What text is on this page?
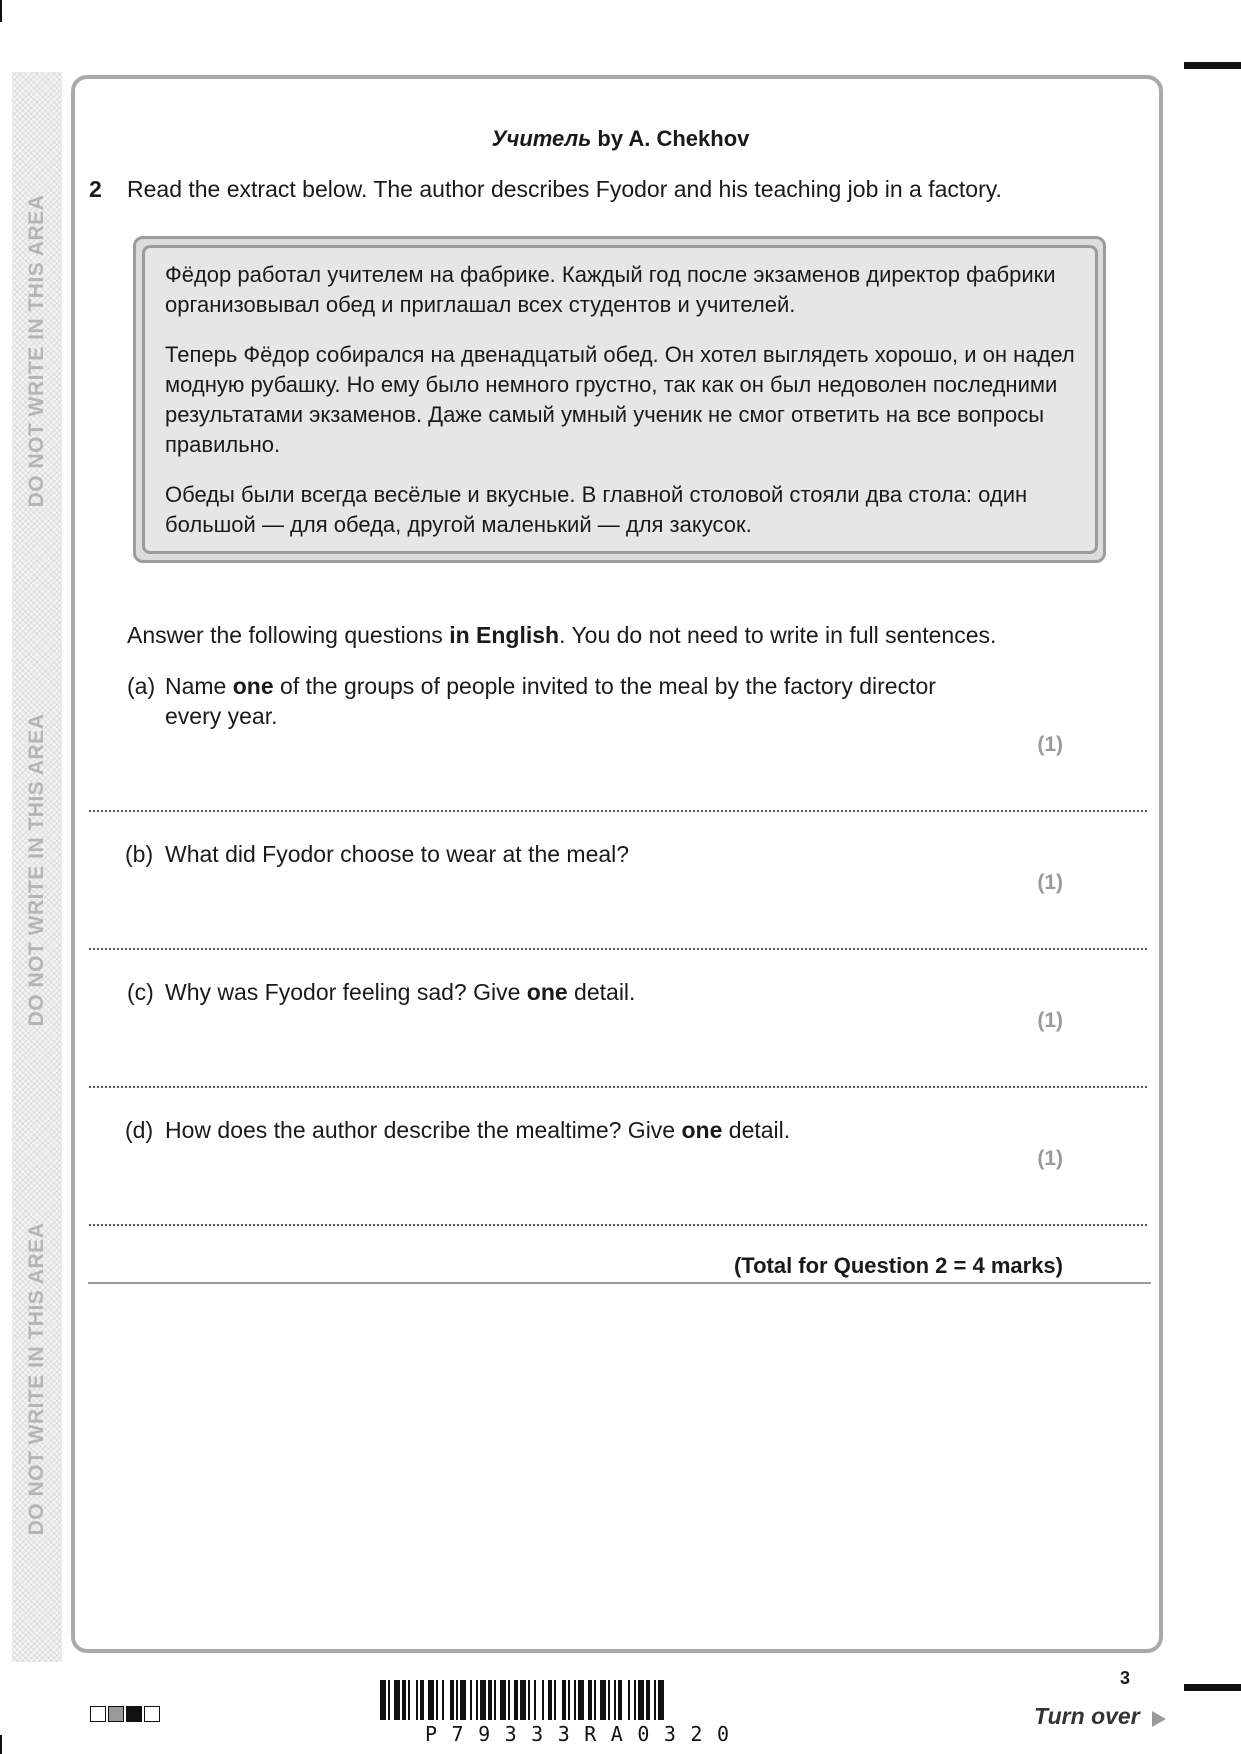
DO NOT WRITE IN THIS AREA
DO NOT WRITE IN THIS AREA
DO NOT WRITE IN THIS AREA
Учитель by A. Chekhov
2 Read the extract below. The author describes Fyodor and his teaching job in a factory.

Фёдор работал учителем на фабрике. Каждый год после экзаменов директор фабрики организовывал обед и приглашал всех студентов и учителей.

Теперь Фёдор собирался на двенадцатый обед. Он хотел выглядеть хорошо, и он надел модную рубашку. Но ему было немного грустно, так как он был недоволен последними результатами экзаменов. Даже самый умный ученик не смог ответить на все вопросы правильно.

Обеды были всегда весёлые и вкусные. В главной столовой стояли два стола: один большой — для обеда, другой маленький — для закусок.

Answer the following questions in English. You do not need to write in full sentences.
(a) Name one of the groups of people invited to the meal by the factory director every year.
(1)
(b) What did Fyodor choose to wear at the meal?
(1)
(c) Why was Fyodor feeling sad? Give one detail.
(1)
(d) How does the author describe the mealtime? Give one detail.
(1)
(Total for Question 2 = 4 marks)
P79333RA0320
3
Turn over
